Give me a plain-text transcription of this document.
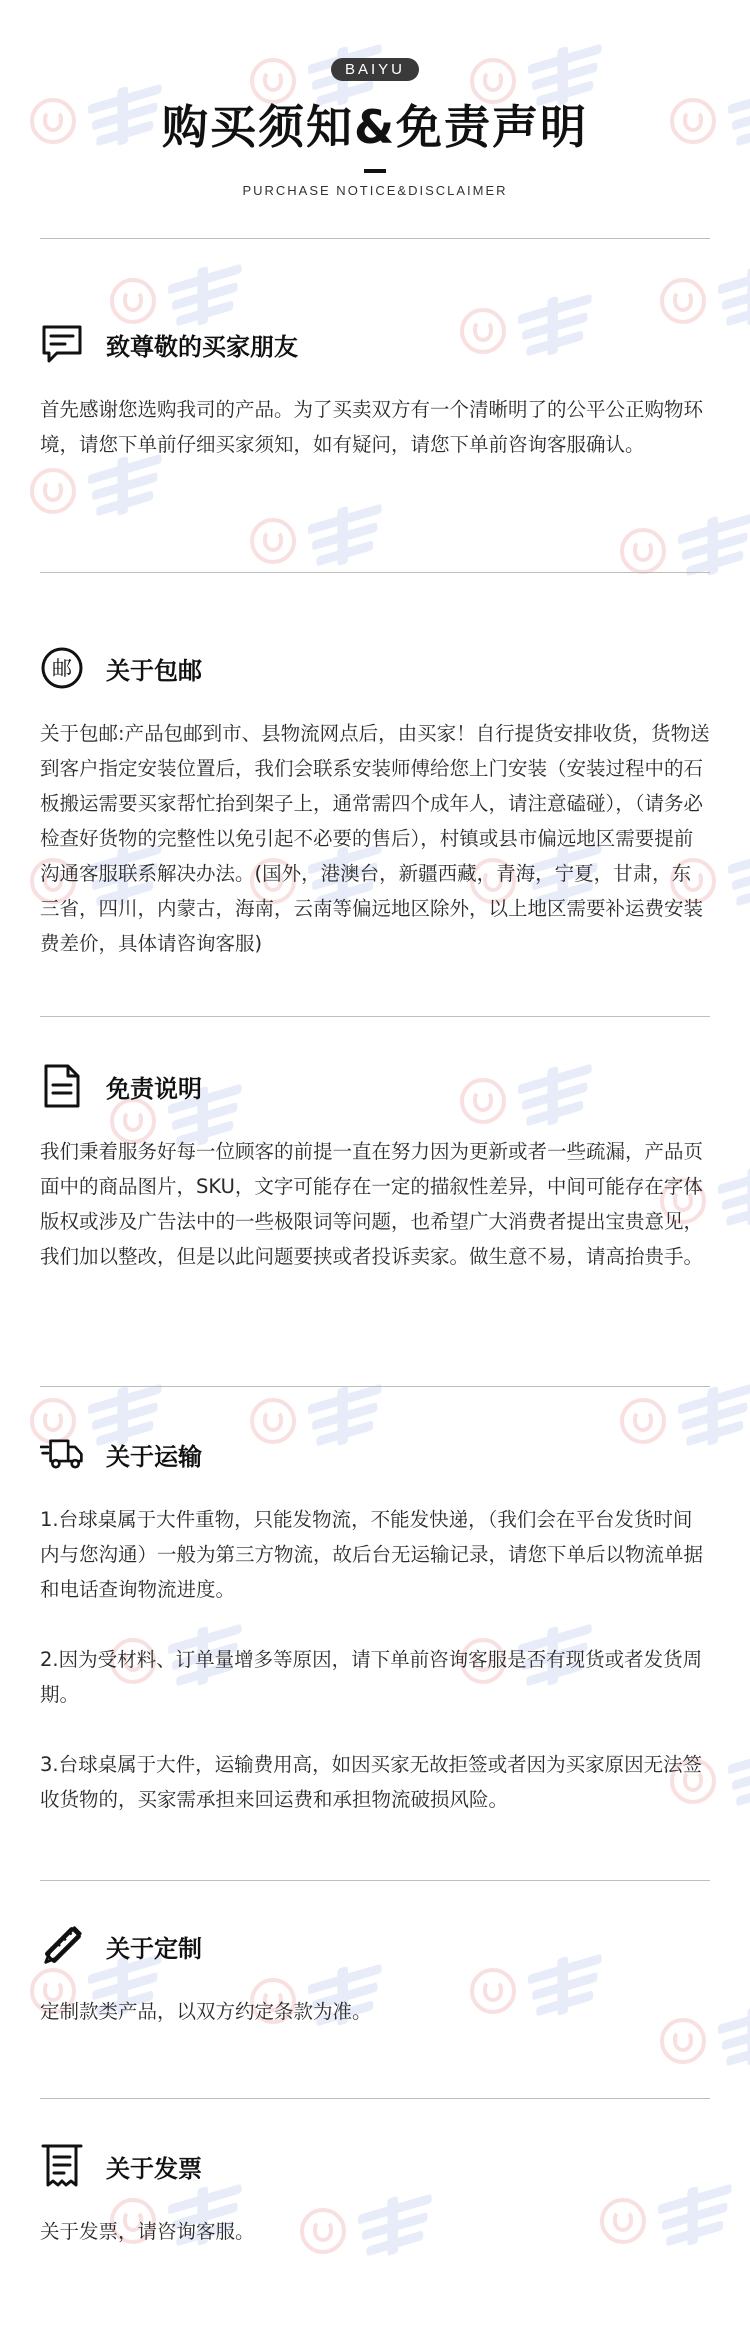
BAIYU
购买须知&免责声明
PURCHASE NOTICE&DISCLAIMER
致尊敬的买家朋友
首先感谢您选购我司的产品。为了买卖双方有一个清晰明了的公平公正购物环境，请您下单前仔细买家须知，如有疑问，请您下单前咨询客服确认。
邮 关于包邮
关于包邮:产品包邮到市、县物流网点后，由买家！自行提货安排收货，货物送到客户指定安装位置后，我们会联系安装师傅给您上门安装（安装过程中的石板搬运需要买家帮忙抬到架子上，通常需四个成年人，请注意磕碰），（请务必检查好货物的完整性以免引起不必要的售后），村镇或县市偏远地区需要提前沟通客服联系解决办法。(国外，港澳台，新疆西藏，青海，宁夏，甘肃，东三省，四川，内蒙古，海南，云南等偏远地区除外，以上地区需要补运费安装费差价，具体请咨询客服)
免责说明
我们秉着服务好每一位顾客的前提一直在努力因为更新或者一些疏漏，产品页面中的商品图片，SKU，文字可能存在一定的描叙性差异，中间可能存在字体版权或涉及广告法中的一些极限词等问题，也希望广大消费者提出宝贵意见，我们加以整改，但是以此问题要挟或者投诉卖家。做生意不易，请高抬贵手。
关于运输
1.台球桌属于大件重物，只能发物流，不能发快递，（我们会在平台发货时间内与您沟通）一般为第三方物流，故后台无运输记录，请您下单后以物流单据和电话查询物流进度。
2.因为受材料、订单量增多等原因，请下单前咨询客服是否有现货或者发货周期。
3.台球桌属于大件，运输费用高，如因买家无故拒签或者因为买家原因无法签收货物的，买家需承担来回运费和承担物流破损风险。
关于定制
定制款类产品，以双方约定条款为准。
关于发票
关于发票，请咨询客服。
